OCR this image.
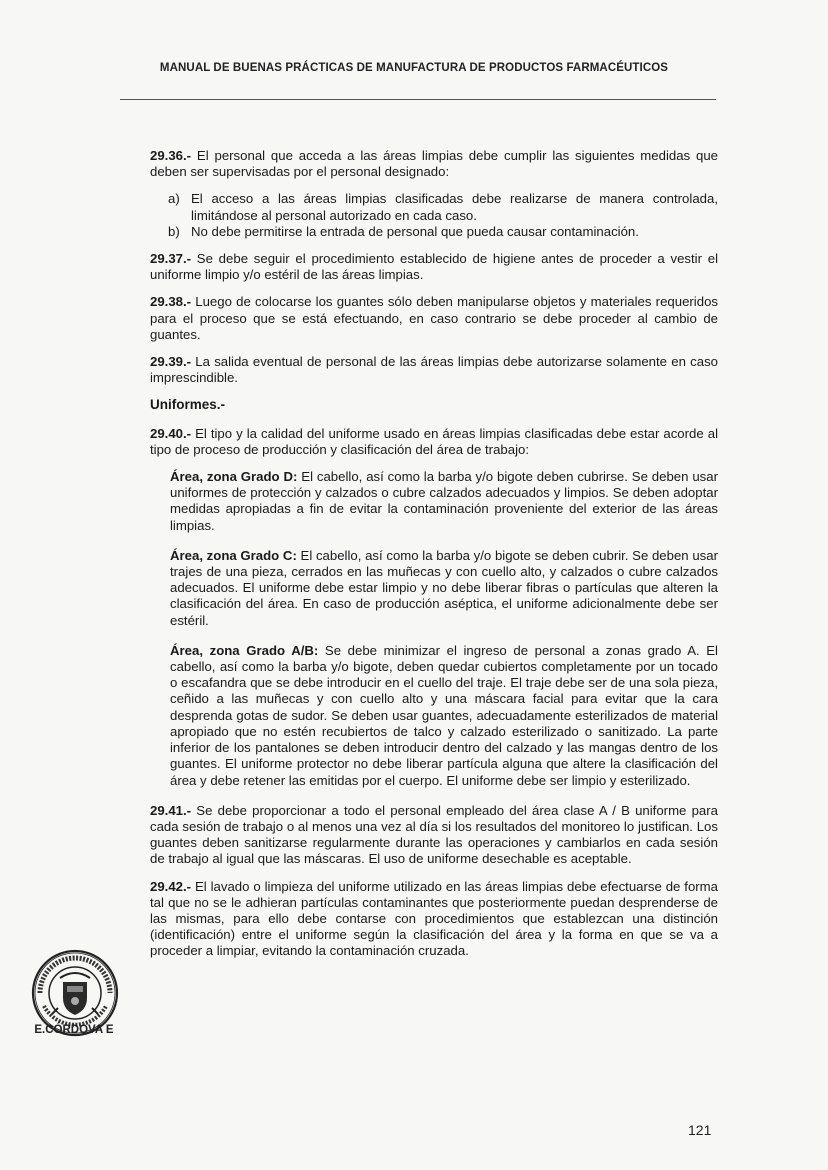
MANUAL DE BUENAS PRÁCTICAS DE MANUFACTURA DE PRODUCTOS FARMACÉUTICOS

29.36.- El personal que acceda a las áreas limpias debe cumplir las siguientes medidas que deben ser supervisadas por el personal designado:

a) El acceso a las áreas limpias clasificadas debe realizarse de manera controlada, limitándose al personal autorizado en cada caso.
b) No debe permitirse la entrada de personal que pueda causar contaminación.

29.37.- Se debe seguir el procedimiento establecido de higiene antes de proceder a vestir el uniforme limpio y/o estéril de las áreas limpias.

29.38.- Luego de colocarse los guantes sólo deben manipularse objetos y materiales requeridos para el proceso que se está efectuando, en caso contrario se debe proceder al cambio de guantes.

29.39.- La salida eventual de personal de las áreas limpias debe autorizarse solamente en caso imprescindible.

Uniformes.-

29.40.- El tipo y la calidad del uniforme usado en áreas limpias clasificadas debe estar acorde al tipo de proceso de producción y clasificación del área de trabajo:

Área, zona Grado D: El cabello, así como la barba y/o bigote deben cubrirse. Se deben usar uniformes de protección y calzados o cubre calzados adecuados y limpios. Se deben adoptar medidas apropiadas a fin de evitar la contaminación proveniente del exterior de las áreas limpias.

Área, zona Grado C: El cabello, así como la barba y/o bigote se deben cubrir. Se deben usar trajes de una pieza, cerrados en las muñecas y con cuello alto, y calzados o cubre calzados adecuados. El uniforme debe estar limpio y no debe liberar fibras o partículas que alteren la clasificación del área. En caso de producción aséptica, el uniforme adicionalmente debe ser estéril.

Área, zona Grado A/B: Se debe minimizar el ingreso de personal a zonas grado A. El cabello, así como la barba y/o bigote, deben quedar cubiertos completamente por un tocado o escafandra que se debe introducir en el cuello del traje. El traje debe ser de una sola pieza, ceñido a las muñecas y con cuello alto y una máscara facial para evitar que la cara desprenda gotas de sudor. Se deben usar guantes, adecuadamente esterilizados de material apropiado que no estén recubiertos de talco y calzado esterilizado o sanitizado. La parte inferior de los pantalones se deben introducir dentro del calzado y las mangas dentro de los guantes. El uniforme protector no debe liberar partícula alguna que altere la clasificación del área y debe retener las emitidas por el cuerpo. El uniforme debe ser limpio y esterilizado.

29.41.- Se debe proporcionar a todo el personal empleado del área clase A / B uniforme para cada sesión de trabajo o al menos una vez al día si los resultados del monitoreo lo justifican. Los guantes deben sanitizarse regularmente durante las operaciones y cambiarlos en cada sesión de trabajo al igual que las máscaras. El uso de uniforme desechable es aceptable.

29.42.- El lavado o limpieza del uniforme utilizado en las áreas limpias debe efectuarse de forma tal que no se le adhieran partículas contaminantes que posteriormente puedan desprenderse de las mismas, para ello debe contarse con procedimientos que establezcan una distinción (identificación) entre el uniforme según la clasificación del área y la forma en que se va a proceder a limpiar, evitando la contaminación cruzada.

E.CÓRDOVA E
121
